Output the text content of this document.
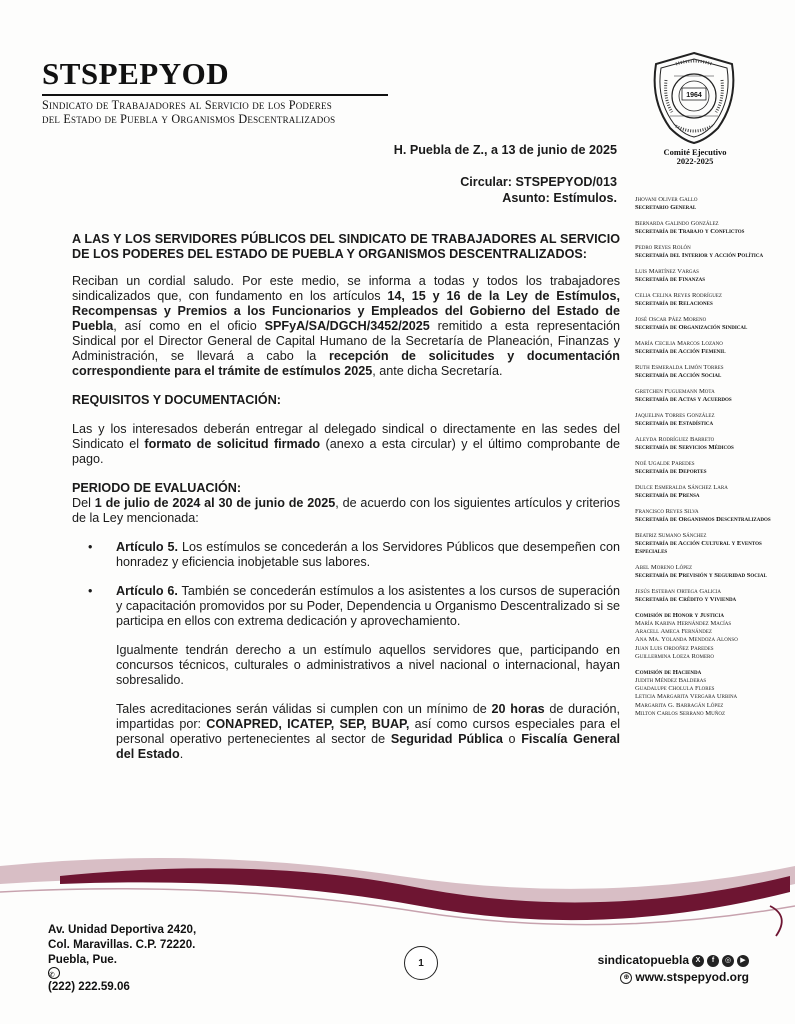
STSPEPYOD
Sindicato de Trabajadores al Servicio de los Poderes
del Estado de Puebla y Organismos Descentralizados
1964
Comité Ejecutivo
2022-2025
H. Puebla de Z., a 13 de junio de 2025
Circular: STSPEPYOD/013
Asunto: Estímulos.
A LAS Y LOS SERVIDORES PÚBLICOS DEL SINDICATO DE TRABAJADORES AL SERVICIO DE LOS PODERES DEL ESTADO DE PUEBLA Y ORGANISMOS DESCENTRALIZADOS:
Reciban un cordial saludo. Por este medio, se informa a todas y todos los trabajadores sindicalizados que, con fundamento en los artículos 14, 15 y 16 de la Ley de Estímulos, Recompensas y Premios a los Funcionarios y Empleados del Gobierno del Estado de Puebla, así como en el oficio SPFyA/SA/DGCH/3452/2025 remitido a esta representación Sindical por el Director General de Capital Humano de la Secretaría de Planeación, Finanzas y Administración, se llevará a cabo la recepción de solicitudes y documentación correspondiente para el trámite de estímulos 2025, ante dicha Secretaría.
REQUISITOS Y DOCUMENTACIÓN:
Las y los interesados deberán entregar al delegado sindical o directamente en las sedes del Sindicato el formato de solicitud firmado (anexo a esta circular) y el último comprobante de pago.
PERIODO DE EVALUACIÓN:
Del 1 de julio de 2024 al 30 de junio de 2025, de acuerdo con los siguientes artículos y criterios de la Ley mencionada:
• Artículo 5. Los estímulos se concederán a los Servidores Públicos que desempeñen con honradez y eficiencia inobjetable sus labores.
• Artículo 6. También se concederán estímulos a los asistentes a los cursos de superación y capacitación promovidos por su Poder, Dependencia u Organismo Descentralizado si se participa en ellos con extrema dedicación y aprovechamiento.
Igualmente tendrán derecho a un estímulo aquellos servidores que, participando en concursos técnicos, culturales o administrativos a nivel nacional o internacional, hayan sobresalido.
Tales acreditaciones serán válidas si cumplen con un mínimo de 20 horas de duración, impartidas por: CONAPRED, ICATEP, SEP, BUAP, así como cursos especiales para el personal operativo pertenecientes al sector de Seguridad Pública o Fiscalía General del Estado.
Jhovani Oliver Gallo
Secretario General
Bernarda Galindo González
Secretaría de Trabajo y Conflictos
Pedro Reyes Rolón
Secretaría del Interior y Acción Política
Luis Martínez Vargas
Secretaría de Finanzas
Celia Celina Reyes Rodríguez
Secretaría de Relaciones
José Oscar Páez Moreno
Secretaría de Organización Sindical
María Cecilia Marcos Lozano
Secretaría de Acción Femenil
Ruth Esmeralda Limón Torres
Secretaría de Acción Social
Gretchen Fuguemann Mota
Secretaría de Actas y Acuerdos
Jaquelina Torres González
Secretaría de Estadística
Aleyda Rodríguez Barreto
Secretaría de Servicios Médicos
Noé Ugalde Paredes
Secretaría de Deportes
Dulce Esmeralda Sánchez Lara
Secretaría de Prensa
Francisco Reyes Silva
Secretaría de Organismos Descentralizados
Beatriz Sumano Sánchez
Secretaría de Acción Cultural y Eventos Especiales
Abel Moreno López
Secretaría de Previsión y Seguridad Social
Jesús Esteban Ortega Galicia
Secretaría de Crédito y Vivienda
Comisión de Honor y Justicia
María Karina Hernández Macías
Aracell Ameca Fernández
Ana Ma. Yolanda Mendoza Alonso
Juan Luis Ordoñez Paredes
Guillermina Loeza Romero
Comisión de Hacienda
Judith Méndez Balderas
Guadalupe Cholula Flores
Leticia Margarita Vergara Urbina
Margarita G. Barragán López
Milton Carlos Serrano Muñoz
Av. Unidad Deportiva 2420,
Col. Maravillas. C.P. 72220.
Puebla, Pue.
✆
(222) 222.59.06
1	sindicatopuebla X	f	◎	▶
⊕ www.stspepyod.org
